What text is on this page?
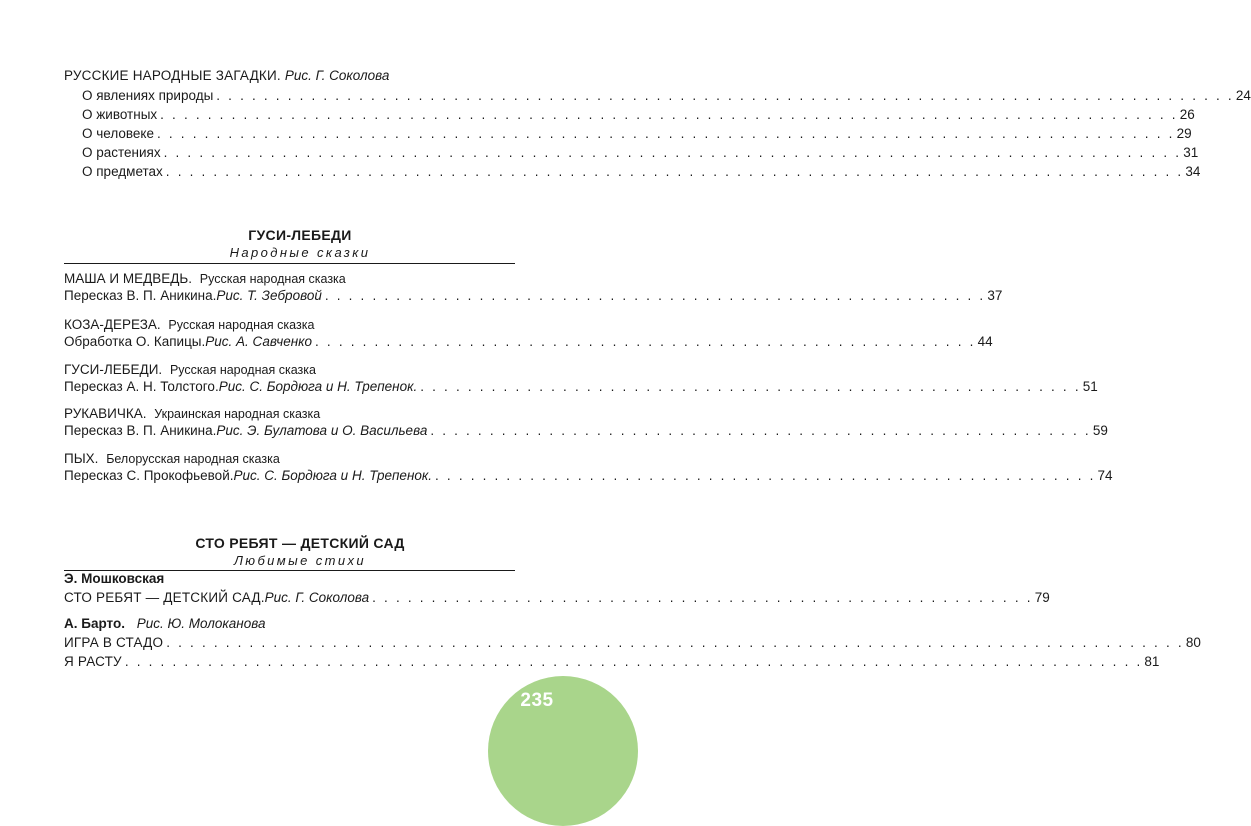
РУССКИЕ НАРОДНЫЕ ЗАГАДКИ. Рис. Г. Соколова
О явлениях природы . . . . . . . . . . . . . . . . . . . . . . . . . . . . . . . . . . . . . . . . . . . . . . . . . . . . . . . . . . . . . . . . . . . . . . . . . . . . . . . . . . . . . . 24
О животных . . . . . . . . . . . . . . . . . . . . . . . . . . . . . . . . . . . . . . . . . . . . . . . . . . . . . . . . . . . . . . . . . . . . . . . . . . . . . . . . . . . . . . 26
О человеке . . . . . . . . . . . . . . . . . . . . . . . . . . . . . . . . . . . . . . . . . . . . . . . . . . . . . . . . . . . . . . . . . . . . . . . . . . . . . . . . . . . . . . 29
О растениях . . . . . . . . . . . . . . . . . . . . . . . . . . . . . . . . . . . . . . . . . . . . . . . . . . . . . . . . . . . . . . . . . . . . . . . . . . . . . . . . . . . . . . 31
О предметах . . . . . . . . . . . . . . . . . . . . . . . . . . . . . . . . . . . . . . . . . . . . . . . . . . . . . . . . . . . . . . . . . . . . . . . . . . . . . . . . . . . . . . 34
ГУСИ-ЛЕБЕДИ
Народные сказки
МАША И МЕДВЕДЬ. Русская народная сказка
Пересказ В. П. Аникина. Рис. Т. Зебровой . . . . . . . . . . . . . . . . . . . . . . . . . . . . . . . . . . . . . . . . . . . . . . . . . . . . . . . . 37
КОЗА-ДЕРЕЗА. Русская народная сказка
Обработка О. Капицы. Рис. А. Савченко . . . . . . . . . . . . . . . . . . . . . . . . . . . . . . . . . . . . . . . . . . . . . . . . . . . . . . . . 44
ГУСИ-ЛЕБЕДИ. Русская народная сказка
Пересказ А. Н. Толстого. Рис. С. Бордюга и Н. Трепенок. . . . . . . . . . . . . . . . . . . . . . . . . . . . . . . . . . . . . . . . . . . . . . . . . . . . . . . . . 51
РУКАВИЧКА. Украинская народная сказка
Пересказ В. П. Аникина. Рис. Э. Булатова и О. Васильева . . . . . . . . . . . . . . . . . . . . . . . . . . . . . . . . . . . . . . . . . . . . . . . . . . . . . . . . 59
ПЫХ. Белорусская народная сказка
Пересказ С. Прокофьевой. Рис. С. Бордюга и Н. Трепенок. . . . . . . . . . . . . . . . . . . . . . . . . . . . . . . . . . . . . . . . . . . . . . . . . . . . . . . . . 74
СТО РЕБЯТ — ДЕТСКИЙ САД
Любимые стихи
Э. Мошковская
СТО РЕБЯТ — ДЕТСКИЙ САД. Рис. Г. Соколова . . . . . . . . . . . . . . . . . . . . . . . . . . . . . . . . . . . . . . . . . . . . . . . . . . . . . . . . 79
А. Барто. Рис. Ю. Молоканова
ИГРА В СТАДО . . . . . . . . . . . . . . . . . . . . . . . . . . . . . . . . . . . . . . . . . . . . . . . . . . . . . . . . . . . . . . . . . . . . . . . . . . . . . . . . . . . . . . 80
Я РАСТУ . . . . . . . . . . . . . . . . . . . . . . . . . . . . . . . . . . . . . . . . . . . . . . . . . . . . . . . . . . . . . . . . . . . . . . . . . . . . . . . . . . . . . . 81
235
